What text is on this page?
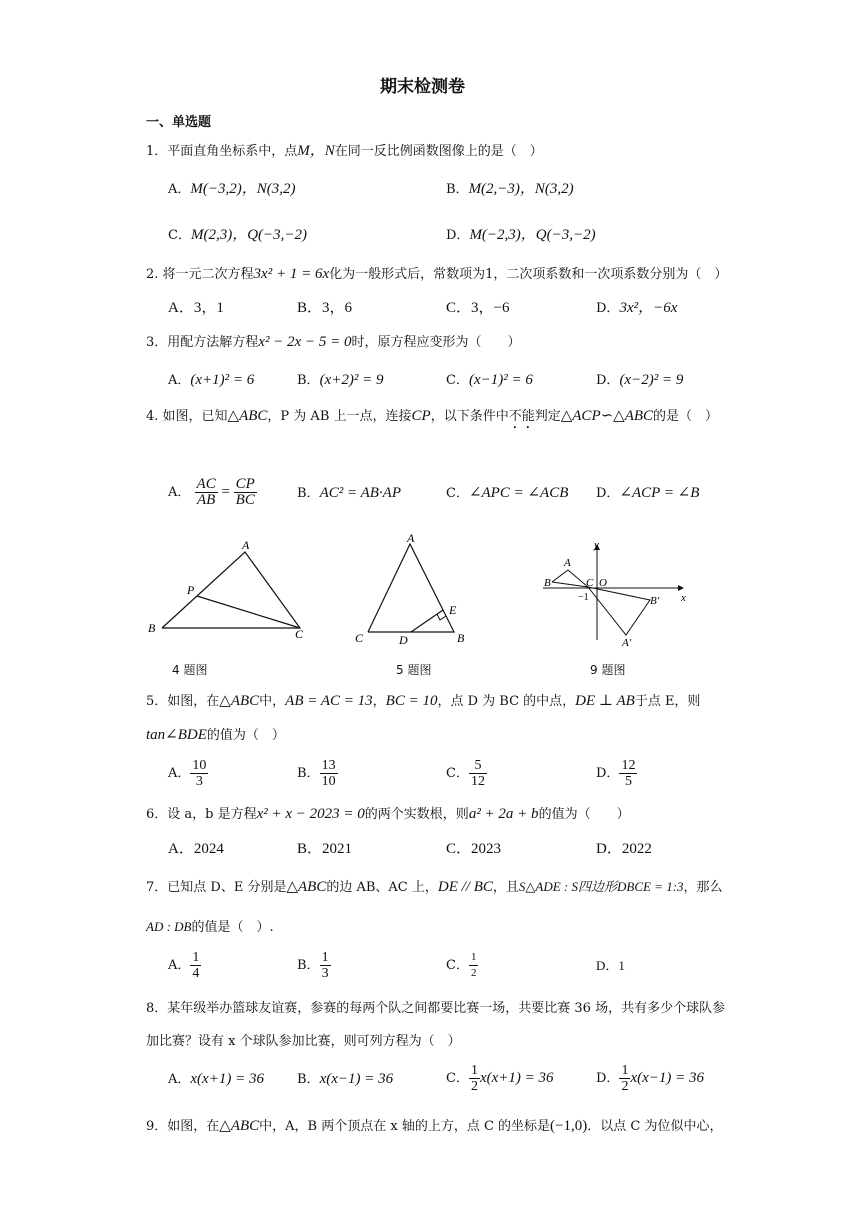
期末检测卷
一、单选题
1．平面直角坐标系中，点M，N在同一反比例函数图像上的是（　）
A．M(−3,2)，N(3,2)	B．M(2,−3)，N(3,2)
C．M(2,3)，Q(−3,−2)	D．M(−2,3)，Q(−3,−2)
2. 将一元二次方程3x² + 1 = 6x化为一般形式后，常数项为1，二次项系数和一次项系数分别为（　）
A．3，1	B．3，6	C．3，−6	D．3x²，−6x
3．用配方法解方程x² − 2x − 5 = 0时，原方程应变形为（　　）
A．(x+1)² = 6	B．(x+2)² = 9	C．(x−1)² = 6	D．(x−2)² = 9
4. 如图，已知△ABC，P 为 AB 上一点，连接CP，以下条件中不能判定△ACP∽△ABC的是（　）
A． $\frac{AC}{AB} = \frac{CP}{BC}$	B．AC² = AB·AP	C．∠APC = ∠ACB D．∠ACP = ∠B
A
B	C
P
4 题图
A
C	B
D
E
5 题图
y
x
A
B	C O
−1	B′
A′
9 题图
5．如图，在△ABC中，AB = AC = 13，BC = 10，点 D 为 BC 的中点，DE ⊥ AB于点 E，则
tan∠BDE的值为（　）
A． $\frac{10}{3}$	B． $\frac{13}{10}$	C． $\frac{5}{12}$	D． $\frac{12}{5}$
6．设 a，b 是方程x² + x − 2023 = 0的两个实数根，则a² + 2a + b的值为（　　）
A．2024	B．2021	C．2023	D．2022
7．已知点 D、E 分别是△ABC的边 AB、AC 上，DE // BC，且S△ADE : S四边形DBCE = 1:3，那么
AD : DB的值是（　）.
A． $\frac{1}{4}$	B． $\frac{1}{3}$	C． $\frac{1}{2}$	D．1
8．某年级举办篮球友谊赛，参赛的每两个队之间都要比赛一场，共要比赛 36 场，共有多少个球队参
加比赛？设有 x 个球队参加比赛，则可列方程为（　）
A．x(x+1) = 36	B．x(x−1) = 36	C． $\frac{1}{2} x(x+1) = 36$	D． $\frac{1}{2} x(x-1) = 36$
9．如图，在△ABC中，A，B 两个顶点在 x 轴的上方，点 C 的坐标是(−1,0)．以点 C 为位似中心，
